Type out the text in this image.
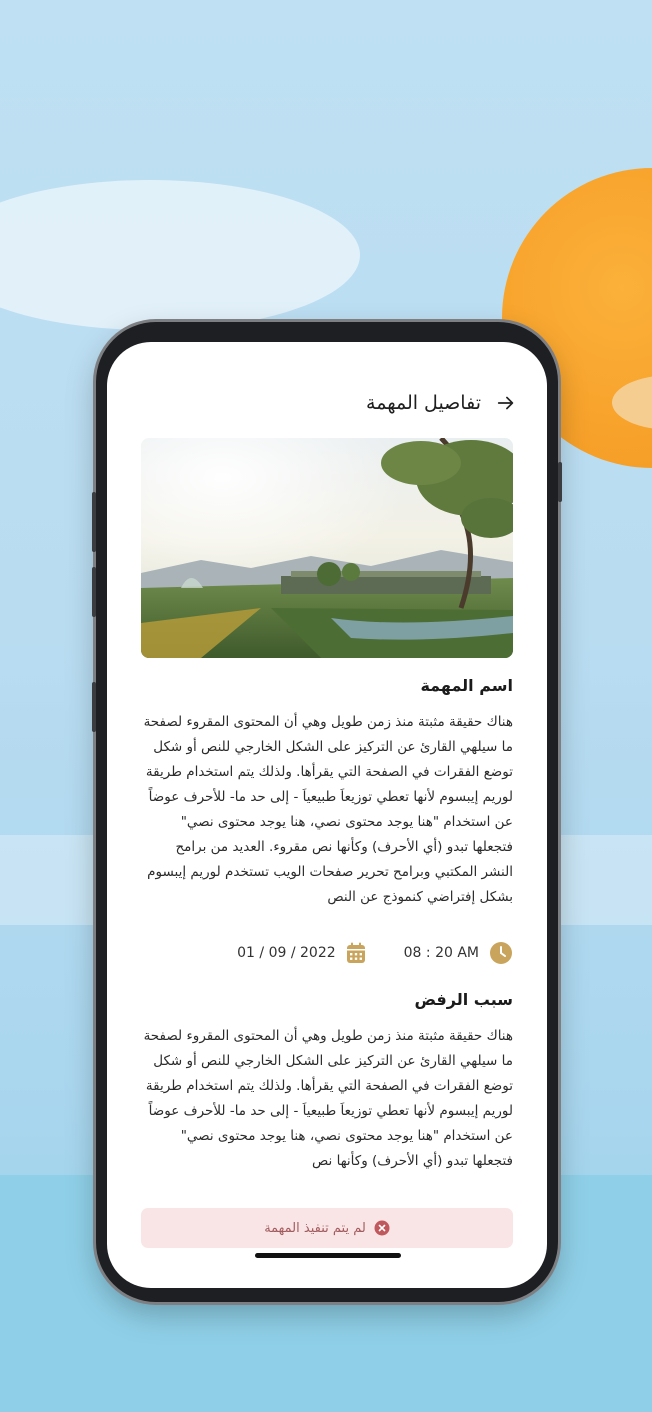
تفاصيل المهمة
اسم المهمة
هناك حقيقة مثبتة منذ زمن طويل وهي أن المحتوى المقروء لصفحة ما سيلهي القارئ عن التركيز على الشكل الخارجي للنص أو شكل توضع الفقرات في الصفحة التي يقرأها. ولذلك يتم استخدام طريقة لوريم إيبسوم لأنها تعطي توزيعاَ طبيعياَ - إلى حد ما- للأحرف عوضاً عن استخدام "هنا يوجد محتوى نصي، هنا يوجد محتوى نصي" فتجعلها تبدو (أي الأحرف) وكأنها نص مقروء. العديد من برامح النشر المكتبي وبرامح تحرير صفحات الويب تستخدم لوريم إيبسوم بشكل إفتراضي كنموذج عن النص
01 / 09 / 2022	08 : 20 AM
سبب الرفض
هناك حقيقة مثبتة منذ زمن طويل وهي أن المحتوى المقروء لصفحة ما سيلهي القارئ عن التركيز على الشكل الخارجي للنص أو شكل توضع الفقرات في الصفحة التي يقرأها. ولذلك يتم استخدام طريقة لوريم إيبسوم لأنها تعطي توزيعاَ طبيعياَ - إلى حد ما- للأحرف عوضاً عن استخدام "هنا يوجد محتوى نصي، هنا يوجد محتوى نصي" فتجعلها تبدو (أي الأحرف) وكأنها نص
لم يتم تنفيذ المهمة
